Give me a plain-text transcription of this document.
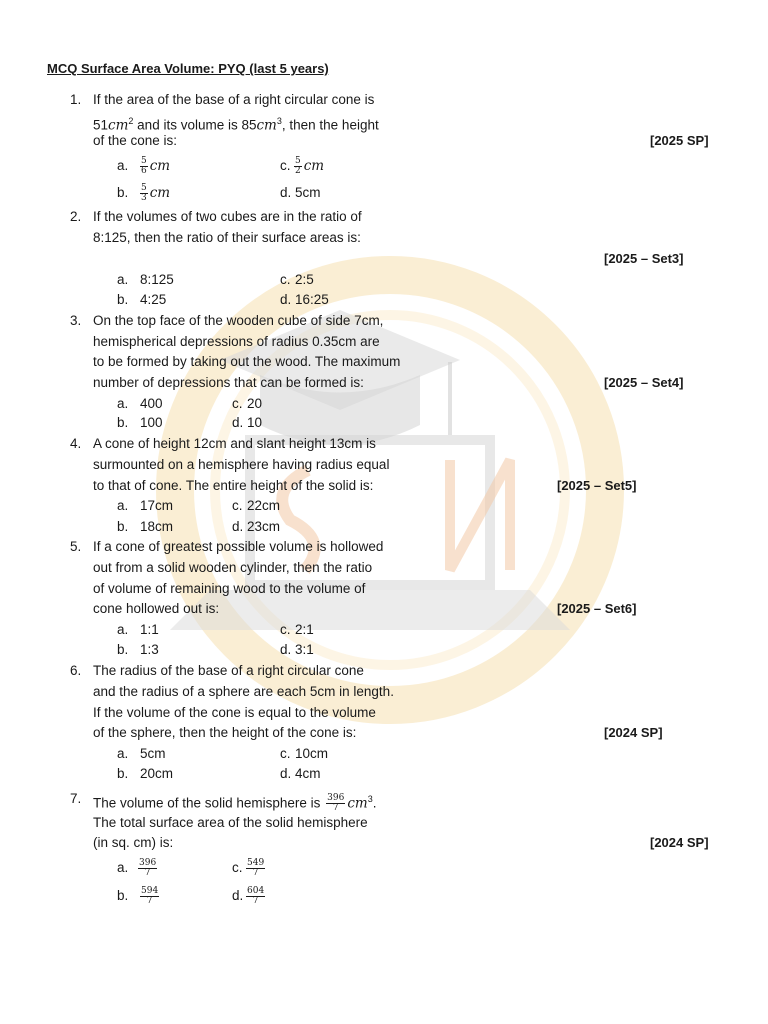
MCQ Surface Area Volume: PYQ (last 5 years)
1. If the area of the base of a right circular cone is
$51cm^2$ and its volume is $85cm^3$, then the height
of the cone is:	[2025 SP]
a. $\frac{5}{6}$ cm	c. $\frac{5}{2}$ cm
b. $\frac{5}{3}$ cm	d. 5cm
2. If the volumes of two cubes are in the ratio of
8:125, then the ratio of their surface areas is:
[2025 – Set3]
a. 8:125	c. 2:5
b. 4:25	d. 16:25
3. On the top face of the wooden cube of side 7cm,
hemispherical depressions of radius 0.35cm are
to be formed by taking out the wood. The maximum
number of depressions that can be formed is:	[2025 – Set4]
a. 400	c. 20
b. 100	d. 10
4. A cone of height 12cm and slant height 13cm is
surmounted on a hemisphere having radius equal
to that of cone. The entire height of the solid is:	[2025 – Set5]
a. 17cm	c. 22cm
b. 18cm	d. 23cm
5. If a cone of greatest possible volume is hollowed
out from a solid wooden cylinder, then the ratio
of volume of remaining wood to the volume of
cone hollowed out is:	[2025 – Set6]
a. 1:1	c. 2:1
b. 1:3	d. 3:1
6. The radius of the base of a right circular cone
and the radius of a sphere are each 5cm in length.
If the volume of the cone is equal to the volume
of the sphere, then the height of the cone is:	[2024 SP]
a. 5cm	c. 10cm
b. 20cm	d. 4cm
7. The volume of the solid hemisphere is $\frac{396}{7} cm^3$.
The total surface area of the solid hemisphere
(in sq. cm) is:	[2024 SP]
a. $\frac{396}{7}$	c. $\frac{549}{7}$
b. $\frac{594}{7}$	d. $\frac{604}{7}$
